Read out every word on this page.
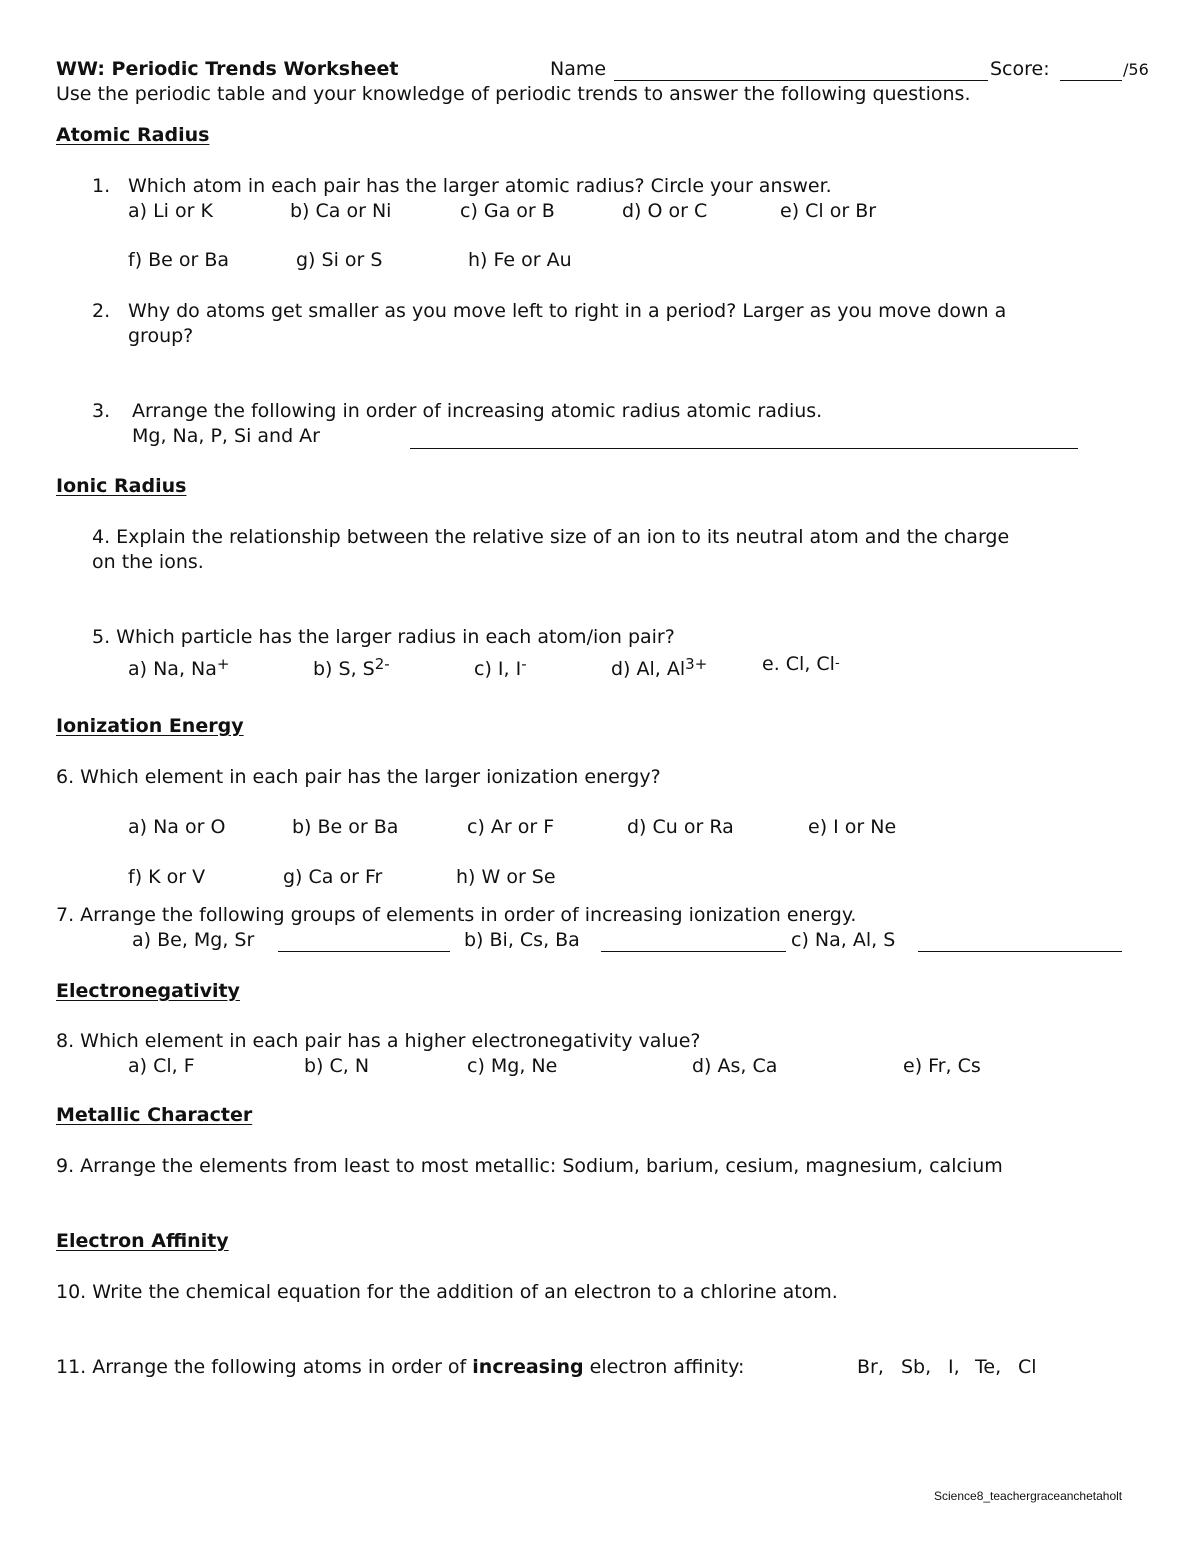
WW: Periodic Trends Worksheet	Name	Score:	/56
Use the periodic table and your knowledge of periodic trends to answer the following questions.
Atomic Radius
1. Which atom in each pair has the larger atomic radius? Circle your answer.
a) Li or K	b) Ca or Ni	c) Ga or B	d) O or C	e) Cl or Br
f) Be or Ba	g) Si or S	h) Fe or Au
2. Why do atoms get smaller as you move left to right in a period? Larger as you move down a
group?
3. Arrange the following in order of increasing atomic radius atomic radius.
Mg, Na, P, Si and Ar
Ionic Radius
4. Explain the relationship between the relative size of an ion to its neutral atom and the charge
on the ions.
5. Which particle has the larger radius in each atom/ion pair?
a) Na, Na+	b) S, $S^{2-}$	c) I, I-	d) Al, $Al^{3+}$	e. Cl, Cl-
Ionization Energy
6. Which element in each pair has the larger ionization energy?
a) Na or O	b) Be or Ba	c) Ar or F	d) Cu or Ra	e) I or Ne
f) K or V	g) Ca or Fr	h) W or Se
7. Arrange the following groups of elements in order of increasing ionization energy.
a) Be, Mg, Sr	b) Bi, Cs, Ba	c) Na, Al, S
Electronegativity
8. Which element in each pair has a higher electronegativity value?
a) Cl, F	b) C, N	c) Mg, Ne	d) As, Ca	e) Fr, Cs
Metallic Character
9. Arrange the elements from least to most metallic: Sodium, barium, cesium, magnesium, calcium
Electron Affinity
10. Write the chemical equation for the addition of an electron to a chlorine atom.
11. Arrange the following atoms in order of increasing electron affinity:	Br, Sb, I, Te, Cl
Science8_teachergraceanchetaholt
